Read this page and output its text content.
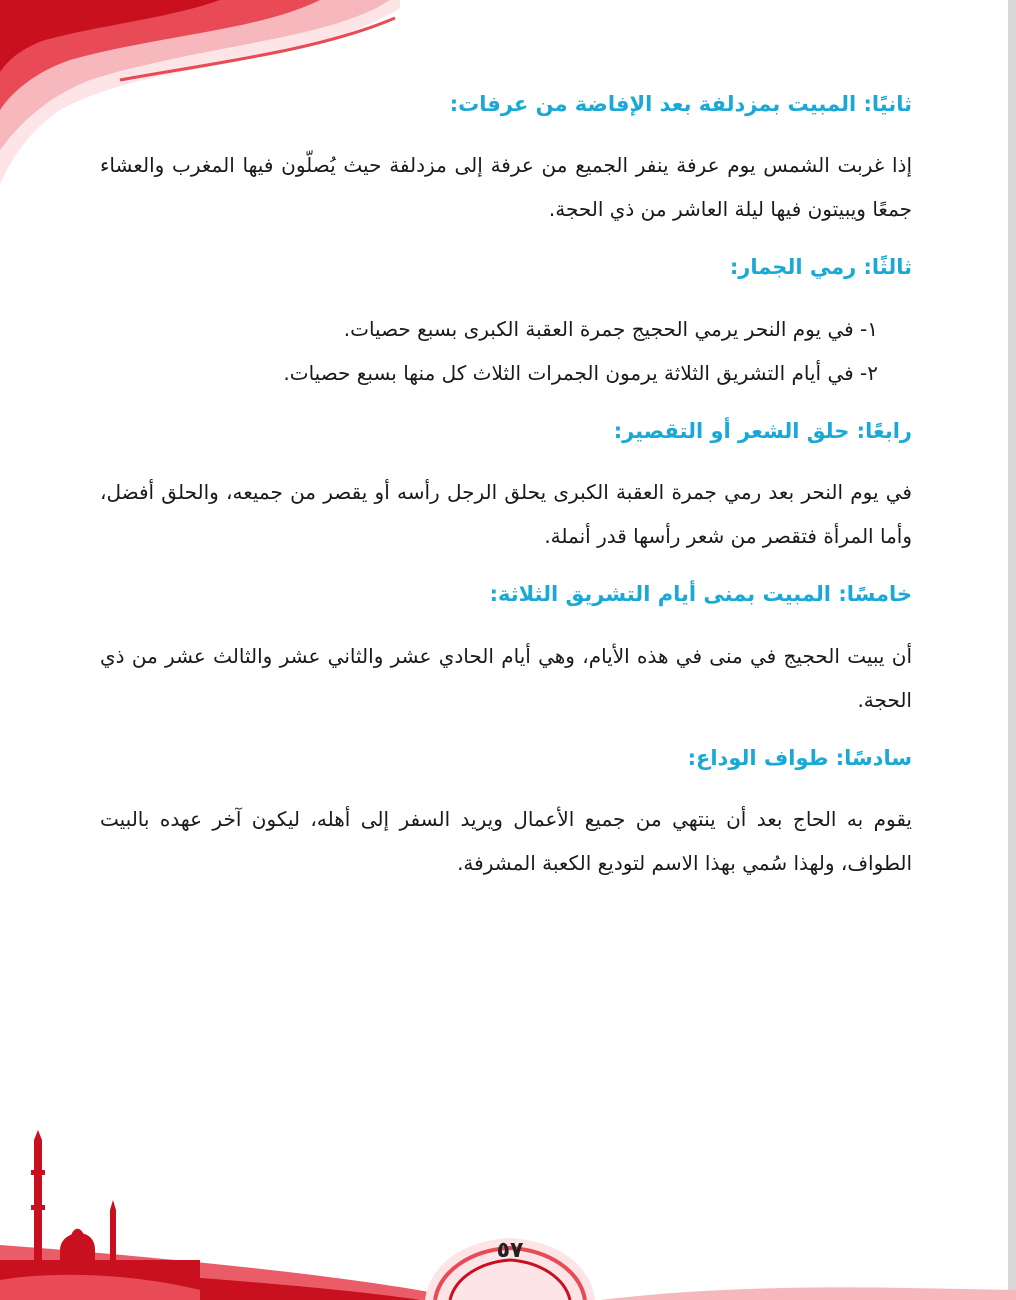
ثانيًا: المبيت بمزدلفة بعد الإفاضة من عرفات:

إذا غربت الشمس يوم عرفة ينفر الجميع من عرفة إلى مزدلفة حيث يُصلّون فيها المغرب والعشاء جمعًا ويبيتون فيها ليلة العاشر من ذي الحجة.

ثالثًا: رمي الجمار:
١- في يوم النحر يرمي الحجيج جمرة العقبة الكبرى بسبع حصيات.
٢- في أيام التشريق الثلاثة يرمون الجمرات الثلاث كل منها بسبع حصيات.
رابعًا: حلق الشعر أو التقصير:

في يوم النحر بعد رمي جمرة العقبة الكبرى يحلق الرجل رأسه أو يقصر من جميعه، والحلق أفضل، وأما المرأة فتقصر من شعر رأسها قدر أنملة.

خامسًا: المبيت بمنى أيام التشريق الثلاثة:

أن يبيت الحجيج في منى في هذه الأيام، وهي أيام الحادي عشر والثاني عشر والثالث عشر من ذي الحجة.

سادسًا: طواف الوداع:

يقوم به الحاج بعد أن ينتهي من جميع الأعمال ويريد السفر إلى أهله، ليكون آخر عهده بالبيت الطواف، ولهذا سُمي بهذا الاسم لتوديع الكعبة المشرفة.

٥٧
